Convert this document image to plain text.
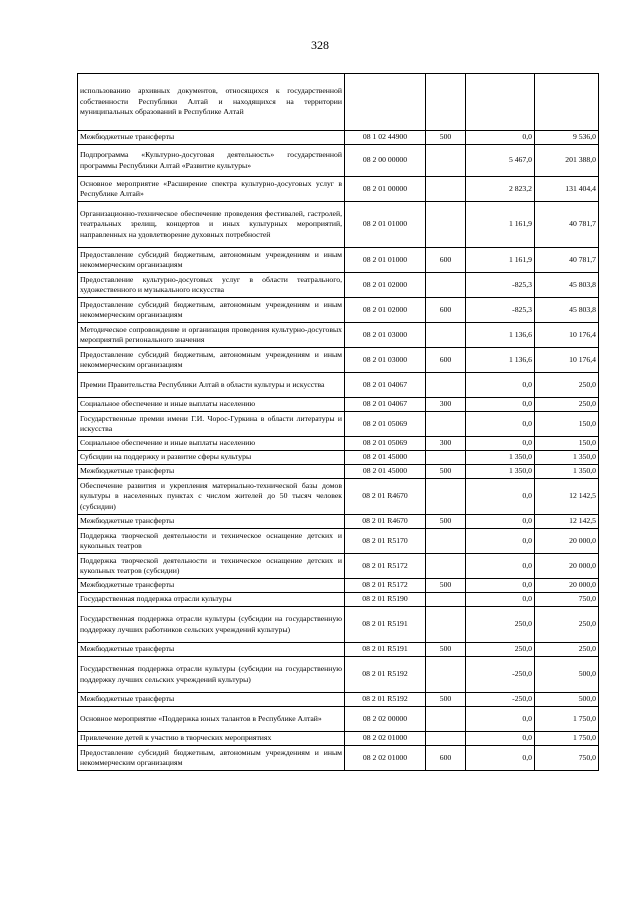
328
использованию архивных документов, относящихся к государственной собственности Республики Алтай и находящихся на территории муниципальных образований в Республике Алтай				
Межбюджетные трансферты	08 1 02 44900	500	0,0	9 536,0
Подпрограмма «Культурно-досуговая деятельность» государственной программы Республики Алтай «Развитие культуры»	08 2 00 00000		5 467,0	201 388,0
Основное мероприятие «Расширение спектра культурно-досуговых услуг в Республике Алтай»	08 2 01 00000		2 823,2	131 404,4
Организационно-техническое обеспечение проведения фестивалей, гастролей, театральных зрелищ, концертов и иных культурных мероприятий, направленных на удовлетворение духовных потребностей	08 2 01 01000		1 161,9	40 781,7
Предоставление субсидий бюджетным, автономным учреждениям и иным некоммерческим организациям	08 2 01 01000	600	1 161,9	40 781,7
Предоставление культурно-досуговых услуг в области театрального, художественного и музыкального искусства	08 2 01 02000		-825,3	45 803,8
Предоставление субсидий бюджетным, автономным учреждениям и иным некоммерческим организациям	08 2 01 02000	600	-825,3	45 803,8
Методическое сопровождение и организация проведения культурно-досуговых мероприятий регионального значения	08 2 01 03000		1 136,6	10 176,4
Предоставление субсидий бюджетным, автономным учреждениям и иным некоммерческим организациям	08 2 01 03000	600	1 136,6	10 176,4
Премии Правительства Республики Алтай в области культуры и искусства	08 2 01 04067		0,0	250,0
Социальное обеспечение и иные выплаты населению	08 2 01 04067	300	0,0	250,0
Государственные премии имени Г.И. Чорос-Гуркина в области литературы и искусства	08 2 01 05069		0,0	150,0
Социальное обеспечение и иные выплаты населению	08 2 01 05069	300	0,0	150,0
Субсидии на поддержку и развитие сферы культуры	08 2 01 45000		1 350,0	1 350,0
Межбюджетные трансферты	08 2 01 45000	500	1 350,0	1 350,0
Обеспечение развития и укрепления материально-технической базы домов культуры в населенных пунктах с числом жителей до 50 тысяч человек (субсидии)	08 2 01 R4670		0,0	12 142,5
Межбюджетные трансферты	08 2 01 R4670	500	0,0	12 142,5
Поддержка творческой деятельности и техническое оснащение детских и кукольных театров	08 2 01 R5170		0,0	20 000,0
Поддержка творческой деятельности и техническое оснащение детских и кукольных театров (субсидии)	08 2 01 R5172		0,0	20 000,0
Межбюджетные трансферты	08 2 01 R5172	500	0,0	20 000,0
Государственная поддержка отрасли культуры	08 2 01 R5190		0,0	750,0
Государственная поддержка отрасли культуры (субсидии на государственную поддержку лучших работников сельских учреждений культуры)	08 2 01 R5191		250,0	250,0
Межбюджетные трансферты	08 2 01 R5191	500	250,0	250,0
Государственная поддержка отрасли культуры (субсидии на государственную поддержку лучших сельских учреждений культуры)	08 2 01 R5192		-250,0	500,0
Межбюджетные трансферты	08 2 01 R5192	500	-250,0	500,0
Основное мероприятие «Поддержка юных талантов в Республике Алтай»	08 2 02 00000		0,0	1 750,0
Привлечение детей к участию в творческих мероприятиях	08 2 02 01000		0,0	1 750,0
Предоставление субсидий бюджетным, автономным учреждениям и иным некоммерческим организациям	08 2 02 01000	600	0,0	750,0
